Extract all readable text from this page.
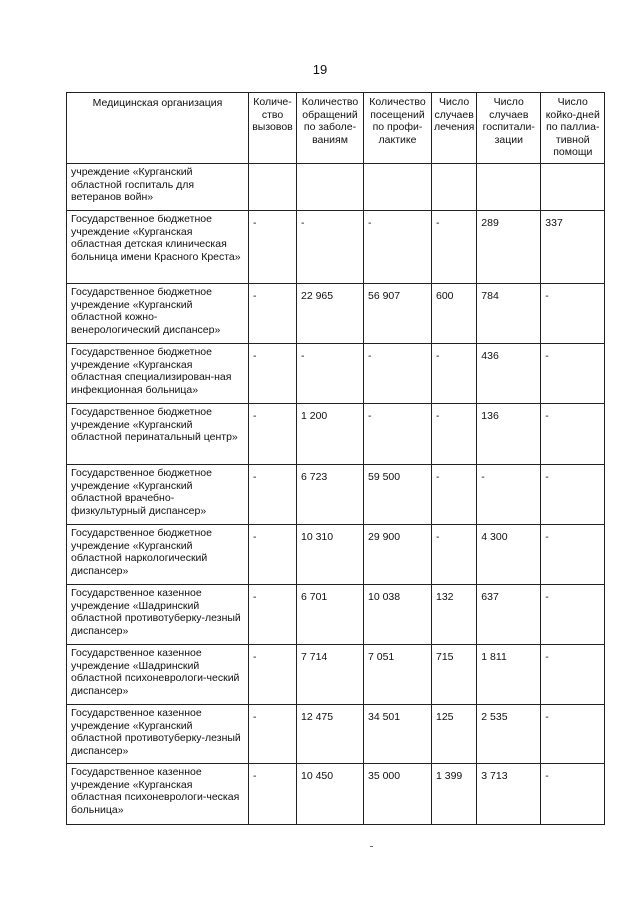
19
Медицинская организация	Количе-ство вызовов	Количество обращений по заболе-ваниям	Количество посещений по профи-лактике	Число случаев лечения	Число случаев госпитали-зации	Число койко-дней по паллиа-тивной помощи
учреждение «Курганский областной госпиталь для ветеранов войн»						
Государственное бюджетное учреждение «Курганская областная детская клиническая больница имени Красного Креста»	-	-	-	-	289	337
Государственное бюджетное учреждение «Курганский областной кожно-венерологический диспансер»	-	22 965	56 907	600	784	-
Государственное бюджетное учреждение «Курганская областная специализирован-ная инфекционная больница»	-	-	-	-	436	-
Государственное бюджетное учреждение «Курганский областной перинатальный центр»	-	1 200	-	-	136	-
Государственное бюджетное учреждение «Курганский областной врачебно-физкультурный диспансер»	-	6 723	59 500	-	-	-
Государственное бюджетное учреждение «Курганский областной наркологический диспансер»	-	10 310	29 900	-	4 300	-
Государственное казенное учреждение «Шадринский областной противотуберку-лезный диспансер»	-	6 701	10 038	132	637	-
Государственное казенное учреждение «Шадринский областной психоневрологи-ческий диспансер»	-	7 714	7 051	715	1 811	-
Государственное казенное учреждение «Курганский областной противотуберку-лезный диспансер»	-	12 475	34 501	125	2 535	-
Государственное казенное учреждение «Курганская областная психоневрологи-ческая больница»	-	10 450	35 000	1 399	3 713	-
